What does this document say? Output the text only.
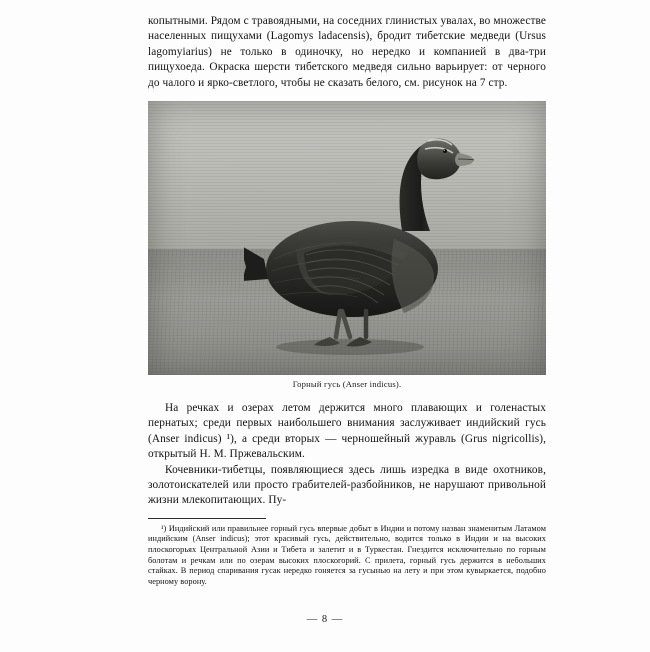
копытными. Рядом с травоядными, на соседних глинистых увалах, во множестве населенных пищухами (Lagomys ladacensis), бродит тибетские медведи (Ursus lagomyiarius) не только в одиночку, но нередко и компанией в два-три пищухоеда. Окраска шерсти тибетского медведя сильно варьирует: от черного до чалого и ярко-светлого, чтобы не сказать белого, см. рисунок на 7 стр.

Горный гусь (Anser indicus).

На речках и озерах летом держится много плавающих и голенастых пернатых; среди первых наибольшего внимания заслуживает индийский гусь (Anser indicus) ¹), а среди вторых — черношейный журавль (Grus nigricollis), открытый Н. М. Пржевальским.

Кочевники-тибетцы, появляющиеся здесь лишь изредка в виде охотников, золотоискателей или просто грабителей-разбойников, не нарушают привольной жизни млекопитающих. Пу-

¹) Индийский или правильнее горный гусь впервые добыт в Индии и потому назван знаменитым Латамом индийским (Anser indicus); этот красивый гусь, действительно, водится только в Индии и на высоких плоскогорьях Центральной Азии и Тибета и залетит и в Туркестан. Гнездится исключительно по горным болотам и речкам или по озерам высоких плоскогорий. С прилета, горный гусь держится в небольших стайках. В период спаривания гусак нередко гоняется за гусынью на лету и при этом кувыркается, подобно черному ворону.

— 8 —
